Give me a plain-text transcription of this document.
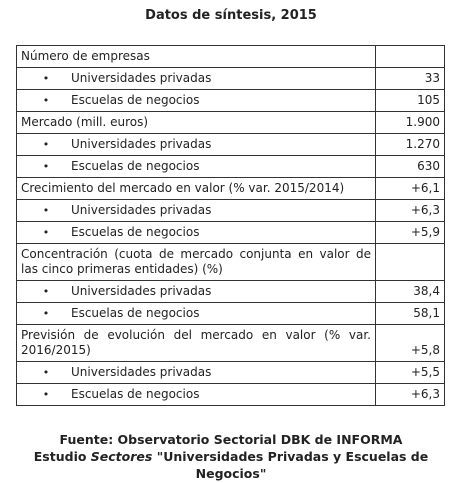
Datos de síntesis, 2015
Número de empresas	
• Universidades privadas	33
• Escuelas de negocios	105
Mercado (mill. euros)	1.900
• Universidades privadas	1.270
• Escuelas de negocios	630
Crecimiento del mercado en valor (% var. 2015/2014)	+6,1
• Universidades privadas	+6,3
• Escuelas de negocios	+5,9
Concentración (cuota de mercado conjunta en valor de las cinco primeras entidades) (%)	
• Universidades privadas	38,4
• Escuelas de negocios	58,1
Previsión de evolución del mercado en valor (% var. 2016/2015)	+5,8
• Universidades privadas	+5,5
• Escuelas de negocios	+6,3
Fuente: Observatorio Sectorial DBK de INFORMA
Estudio Sectores "Universidades Privadas y Escuelas de Negocios"
